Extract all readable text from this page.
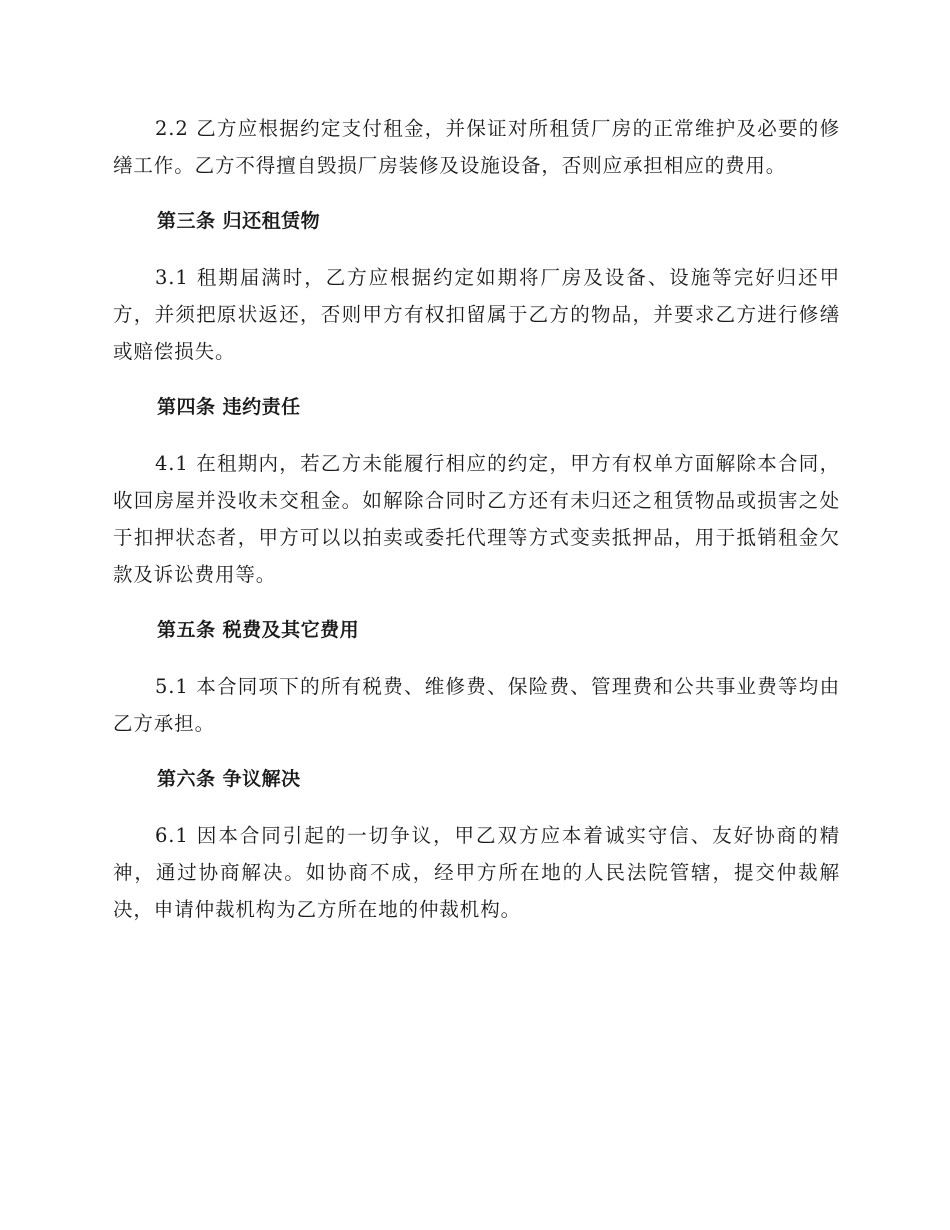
2.2 乙方应根据约定支付租金，并保证对所租赁厂房的正常维护及必要的修缮工作。乙方不得擅自毁损厂房装修及设施设备，否则应承担相应的费用。

第三条 归还租赁物

3.1 租期届满时，乙方应根据约定如期将厂房及设备、设施等完好归还甲方，并须把原状返还，否则甲方有权扣留属于乙方的物品，并要求乙方进行修缮或赔偿损失。

第四条 违约责任

4.1 在租期内，若乙方未能履行相应的约定，甲方有权单方面解除本合同，收回房屋并没收未交租金。如解除合同时乙方还有未归还之租赁物品或损害之处于扣押状态者，甲方可以以拍卖或委托代理等方式变卖抵押品，用于抵销租金欠款及诉讼费用等。

第五条 税费及其它费用

5.1 本合同项下的所有税费、维修费、保险费、管理费和公共事业费等均由乙方承担。

第六条 争议解决

6.1 因本合同引起的一切争议，甲乙双方应本着诚实守信、友好协商的精神，通过协商解决。如协商不成，经甲方所在地的人民法院管辖，提交仲裁解决，申请仲裁机构为乙方所在地的仲裁机构。
